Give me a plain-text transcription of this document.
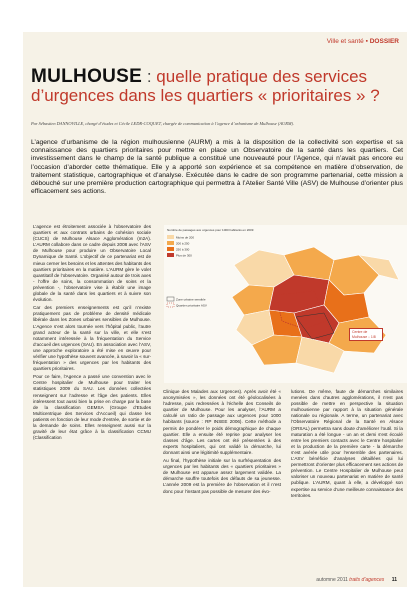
Ville et santé ▪ DOSSIER
MULHOUSE : quelle pratique des services
d’urgences dans les quartiers « prioritaires » ?
Par Sébastien DANNOVILLE, chargé d’études et Cécile LEDR-COQUET, chargée de communication à l’agence d’urbanisme de Mulhouse (AURM).
L’agence d’urbanisme de la région mulhousienne (AURM) a mis à la disposition de la collectivité son expertise et sa connaissance des quartiers prioritaires pour mettre en place un Observatoire de la santé dans les quartiers. Cet investissement dans le champ de la santé publique a constitué une nouveauté pour l’Agence, qui n’avait pas encore eu l’occasion d’aborder cette thématique. Elle y a apporté son expérience et sa compétence en matière d’observation, de traitement statistique, cartographique et d’analyse. Exécutée dans le cadre de son programme partenarial, cette mission a débouché sur une première production cartographique qui permettra à l’Atelier Santé Ville (ASV) de Mulhouse d’orienter plus efficacement ses actions.

L’agence est étroitement associée à l’observatoire des quartiers et aux contrats urbains de cohésion sociale (CUCS) de Mulhouse Alsace Agglomération (m2A). L’AURM collabore dans ce cadre depuis 2008 avec l’ASV de Mulhouse pour produire un Observatoire Local Dynamique de Santé. L’objectif de ce partenariat est de mieux cerner les besoins et les attentes des habitants des quartiers prioritaires en la matière. L’AURM gère le volet quantitatif de l’observatoire. Organisé autour de trois axes - l’offre de soins, la consommation de soins et la prévention -, l’observatoire vise à établir une image globale de la santé dans les quartiers et à suivre son évolution.

Car des premiers enseignements est qu’il n’existe pratiquement pas de problème de densité médicale libérale dans les Zones urbaines sensibles de Mulhouse. L’Agence s’est alors tournée vers l’hôpital public, l’autre grand acteur de la santé sur la ville, et elle s’est notamment intéressée à la fréquentation du Service d’accueil des urgences (SAU). En association avec l’ASV, une approche exploratoire a été mise en œuvre pour vérifier une hypothèse souvent avancée, à savoir la « sur-fréquentation » des urgences par les habitants des quartiers prioritaires.

Pour ce faire, l’Agence a passé une convention avec le Centre hospitalier de Mulhouse pour traiter les statistiques 2009 du SAU. Les données collectées renseignent sur l’adresse et l’âge des patients. Elles intéressent tout aussi bien la prise en charge par la base de la classification GEMSA (Groupe d’Etudes Multicentrique des Services d’Accueil) qui classe les patients en fonction de leur mode d’entrée, de sortie et de la demande de soins. Elles renseignent aussi sur la gravité de leur état grâce à la classification CCMU (Classification

Nombre de passages aux urgences pour 1000 habitants en 2009
Moins de 200
200 à 250
250 à 300
Plus de 300
Zone urbaine sensible
Quartier prioritaire ASV
Centre de
Mulhouse ↓ 1/8

Clinique des Malades aux Urgences). Après avoir été « anonymisées », les données ont été géolocalisées à l’adresse, puis redressées à l’échelle des Conseils de quartier de Mulhouse. Pour les analyser, l’AURM a calculé un ratio de passage aux urgences pour 1000 habitants (source : RP INSEE 2006). Cette méthode a permis de pondérer le poids démographique de chaque quartier. Elle a ensuite été reprise pour analyser les classes d’âge. Les cartes ont été présentées à des experts hospitaliers, qui ont validé la démarche, lui donnant ainsi une légitimité supplémentaire.

Au final, l’hypothèse initiale sur la surfréquentation des urgences par les habitants des « quartiers prioritaires » de Mulhouse est apparue assez largement validée. La démarche souffre toutefois des défauts de sa jeunesse. L’année 2009 est la première de l’observation et il n’est donc pour l’instant pas possible de mesurer des évo-

lutions. De même, faute de démarches similaires menées dans d’autres agglomérations, il n’est pas possible de mettre en perspective la situation mulhousienne par rapport à la situation générale nationale ou régionale. A terme, un partenariat avec l’Observatoire Régional de la Santé en Alsace (ORSAL) permettra sans doute d’améliorer l’outil. Si la maturation a été longue - un an et demi s’est écoulé entre les premiers contacts avec le Centre hospitalier et la production de la première carte - la démarche s’est avérée utile pour l’ensemble des partenaires. L’ASV bénéficie d’analyses détaillées qui lui permettront d’orienter plus efficacement ses actions de prévention. Le Centre Hospitalier de Mulhouse peut valoriser un nouveau partenariat en matière de santé publique. L’AURM, quant à elle, a développé son expertise au service d’une meilleure connaissance des territoires.

automne 2011 traits d’agences 11
